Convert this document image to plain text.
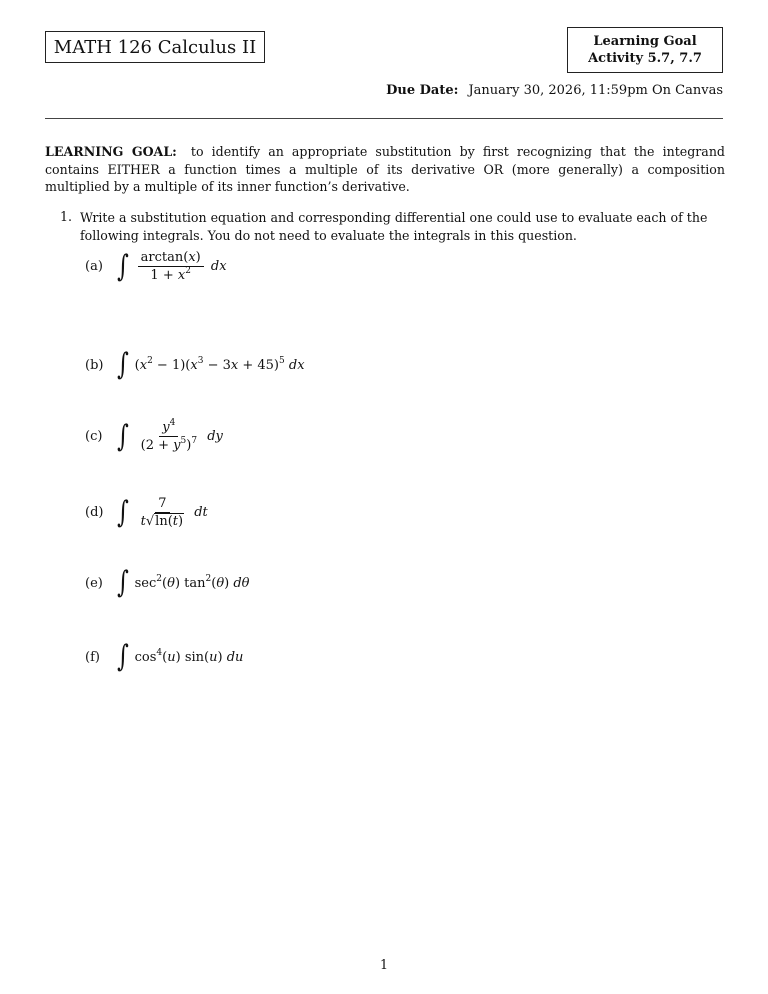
MATH 126 Calculus II	Learning Goal
Activity 5.7, 7.7
Due Date: January 30, 2026, 11:59pm On Canvas
LEARNING GOAL: to identify an appropriate substitution by first recognizing that the integrand contains EITHER a function times a multiple of its derivative OR (more generally) a composition multiplied by a multiple of its inner function’s derivative.
1. Write a substitution equation and corresponding differential one could use to evaluate each of the following integrals. You do not need to evaluate the integrals in this question.
(a) ∫ $\frac{\arctan(x)}{1 + x^2}$ dx
(b) ∫ $(x^2 - 1)(x^3 - 3x + 45)^5$ dx
(c) ∫ $\frac{y^4}{(2 + y^5)^7}$ dy
(d) ∫ $\frac{7}{t√\ln(t)}$ dt
(e) ∫ $\sec^2(\theta)$ $\tan^2(\theta)$ dθ
(f) ∫ $\cos^4(u)$ sin(u) du
1
